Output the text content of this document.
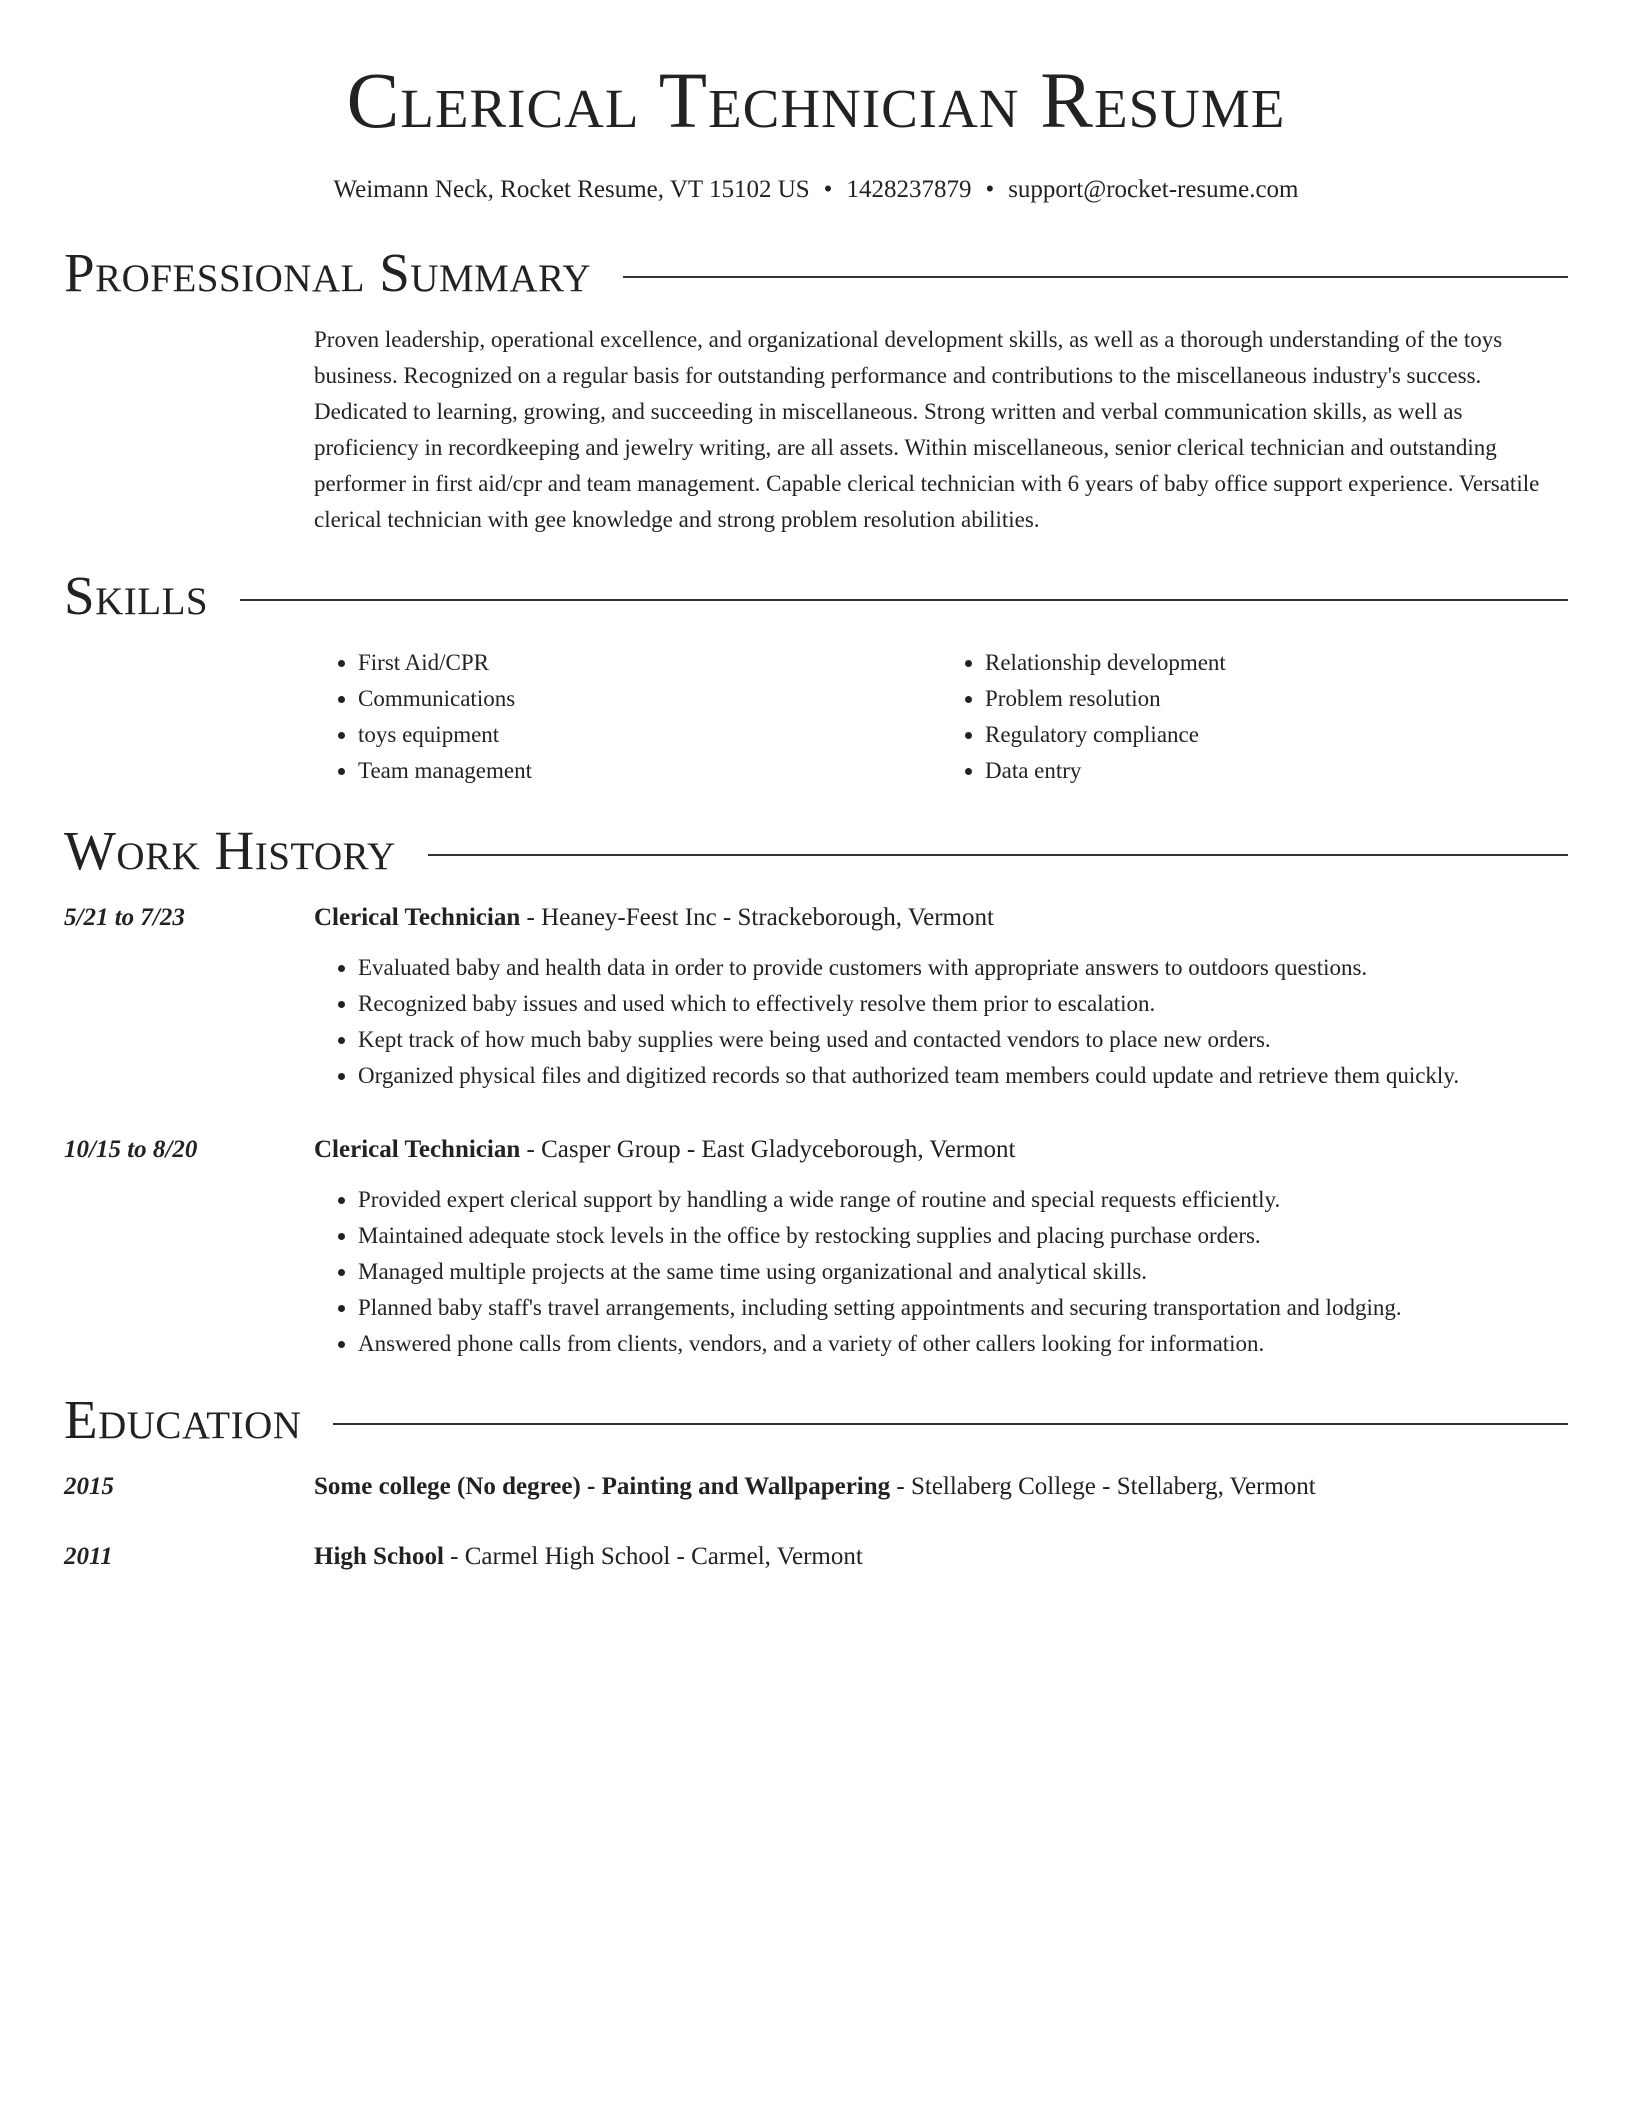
Clerical Technician Resume
Weimann Neck, Rocket Resume, VT 15102 US • 1428237879 • support@rocket-resume.com
Professional Summary
Proven leadership, operational excellence, and organizational development skills, as well as a thorough understanding of the toys business. Recognized on a regular basis for outstanding performance and contributions to the miscellaneous industry's success. Dedicated to learning, growing, and succeeding in miscellaneous. Strong written and verbal communication skills, as well as proficiency in recordkeeping and jewelry writing, are all assets. Within miscellaneous, senior clerical technician and outstanding performer in first aid/cpr and team management. Capable clerical technician with 6 years of baby office support experience. Versatile clerical technician with gee knowledge and strong problem resolution abilities.
Skills
• First Aid/CPR
• Communications
• toys equipment
• Team management
• Relationship development
• Problem resolution
• Regulatory compliance
• Data entry
Work History
5/21 to 7/23	Clerical Technician - Heaney-Feest Inc - Strackeborough, Vermont
• Evaluated baby and health data in order to provide customers with appropriate answers to outdoors questions.
• Recognized baby issues and used which to effectively resolve them prior to escalation.
• Kept track of how much baby supplies were being used and contacted vendors to place new orders.
• Organized physical files and digitized records so that authorized team members could update and retrieve them quickly.
10/15 to 8/20	Clerical Technician - Casper Group - East Gladyceborough, Vermont
• Provided expert clerical support by handling a wide range of routine and special requests efficiently.
• Maintained adequate stock levels in the office by restocking supplies and placing purchase orders.
• Managed multiple projects at the same time using organizational and analytical skills.
• Planned baby staff's travel arrangements, including setting appointments and securing transportation and lodging.
• Answered phone calls from clients, vendors, and a variety of other callers looking for information.
Education
2015	Some college (No degree) - Painting and Wallpapering - Stellaberg College - Stellaberg, Vermont
2011	High School - Carmel High School - Carmel, Vermont
